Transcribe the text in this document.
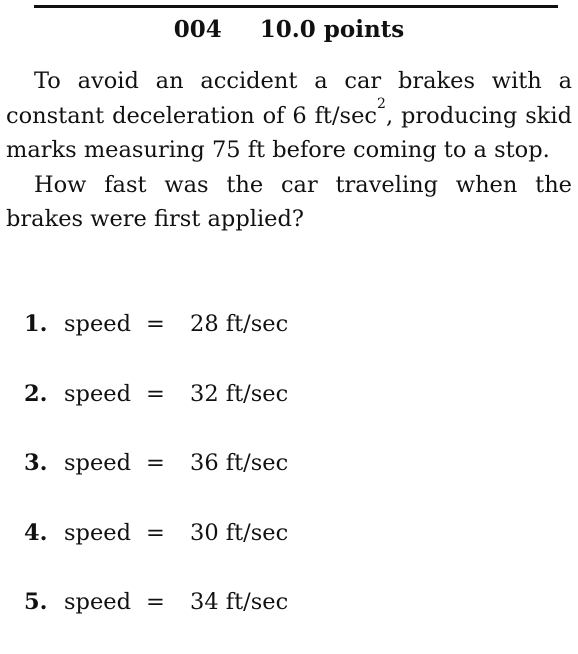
004 10.0 points

To avoid an accident a car brakes with a constant deceleration of 6 $ft/\sec^2$, producing skid marks measuring 75 ft before coming to a stop.

How fast was the car traveling when the brakes were first applied?

1. speed = 28 ft/sec
2. speed = 32 ft/sec
3. speed = 36 ft/sec
4. speed = 30 ft/sec
5. speed = 34 ft/sec
